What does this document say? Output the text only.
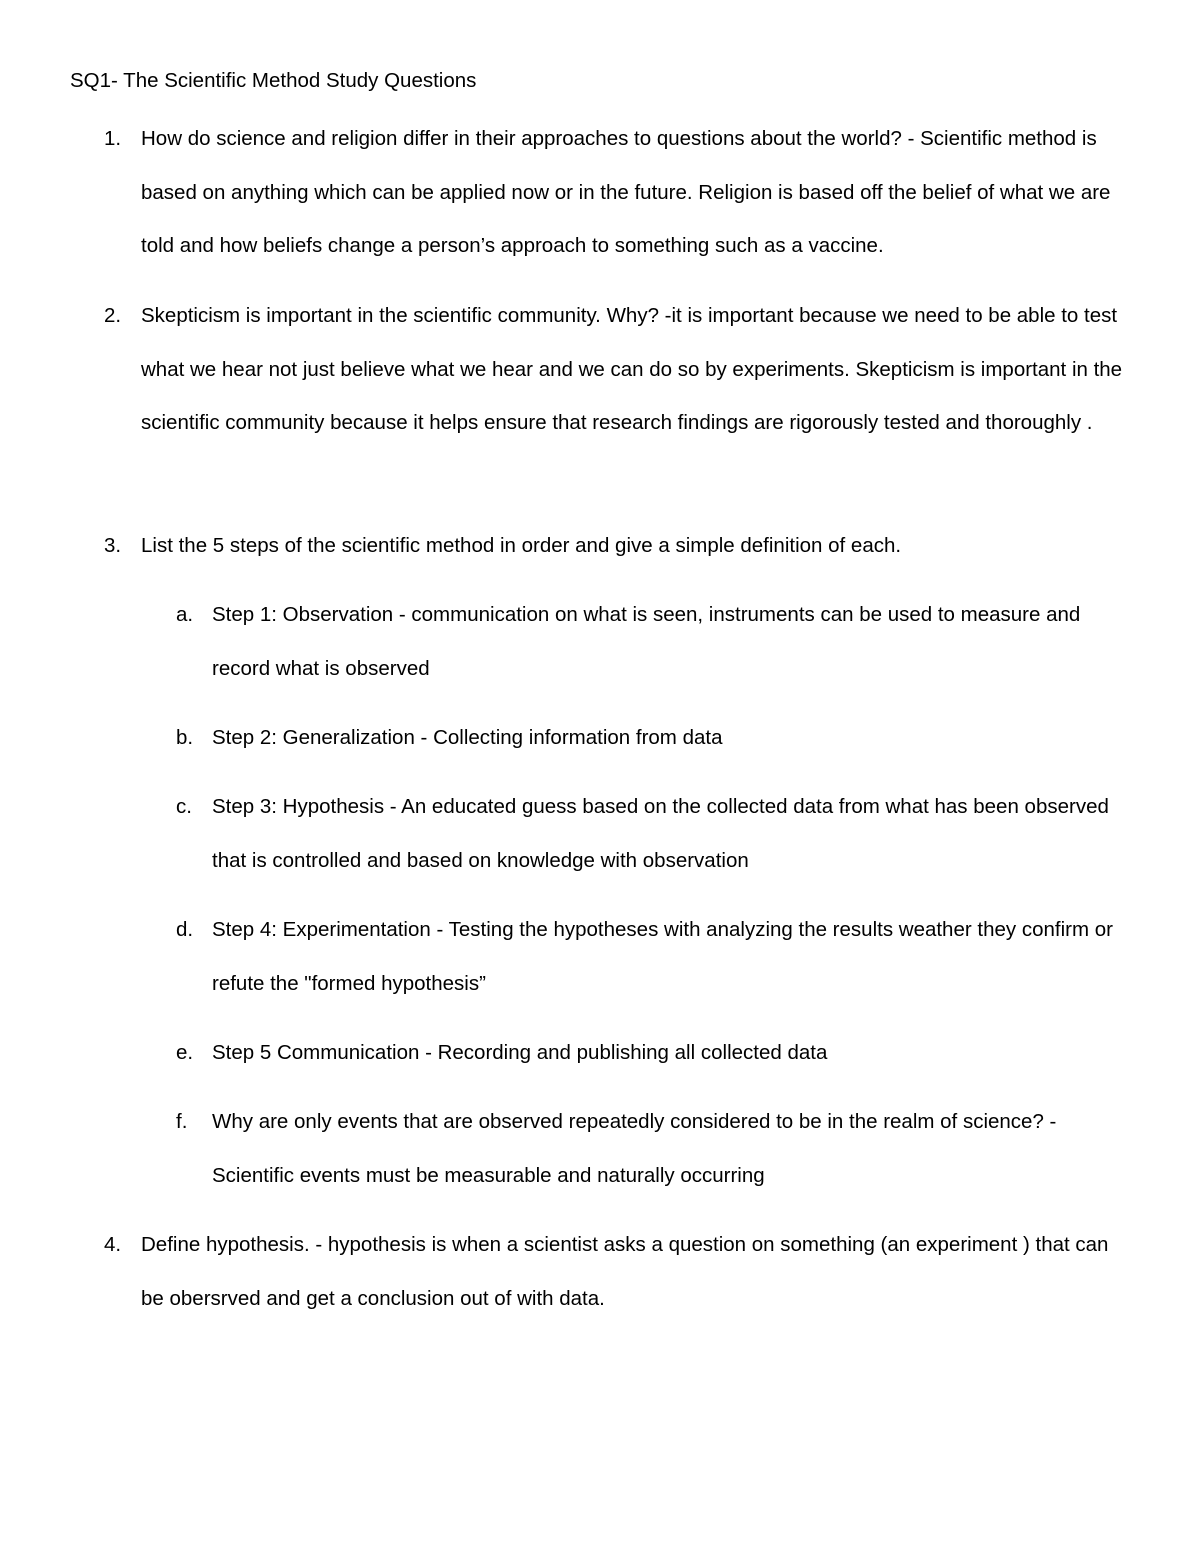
SQ1- The Scientific Method Study Questions
1. How do science and religion differ in their approaches to questions about the world? - Scientific method is based on anything which can be applied now or in the future. Religion is based off the belief of what we are told and how beliefs change a person’s approach to something such as a vaccine.
2. Skepticism is important in the scientific community. Why? -it is important because we need to be able to test what we hear not just believe what we hear and we can do so by experiments. Skepticism is important in the scientific community because it helps ensure that research findings are rigorously tested and thoroughly .
3. List the 5 steps of the scientific method in order and give a simple definition of each.
a. Step 1: Observation - communication on what is seen, instruments can be used to measure and record what is observed
b. Step 2: Generalization - Collecting information from data
c. Step 3: Hypothesis - An educated guess based on the collected data from what has been observed that is controlled and based on knowledge with observation
d. Step 4: Experimentation - Testing the hypotheses with analyzing the results weather they confirm or refute the "formed hypothesis”
e. Step 5 Communication - Recording and publishing all collected data
f. Why are only events that are observed repeatedly considered to be in the realm of science? - Scientific events must be measurable and naturally occurring
4. Define hypothesis. - hypothesis is when a scientist asks a question on something (an experiment ) that can be obersrved and get a conclusion out of with data.
